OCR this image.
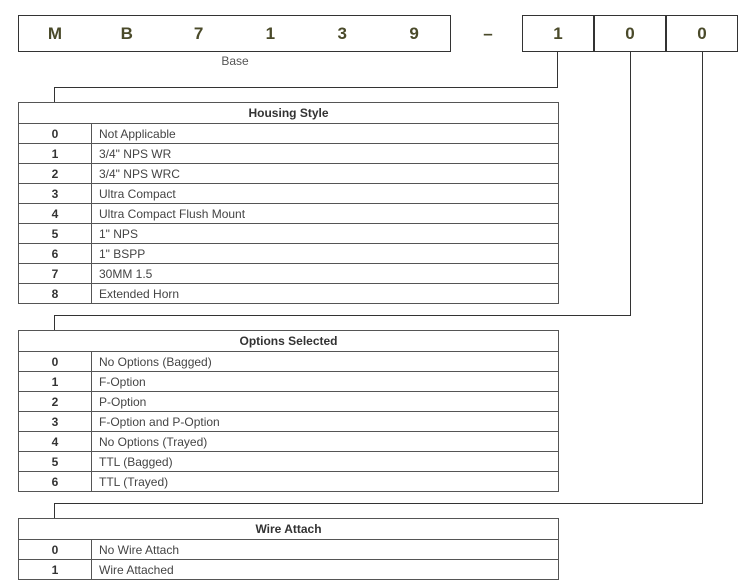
M	B	7	1	3	9	–	1	0	0
Base
Housing Style	
0	Not Applicable
1	3/4" NPS WR
2	3/4" NPS WRC
3	Ultra Compact
4	Ultra Compact Flush Mount
5	1" NPS
6	1" BSPP
7	30MM 1.5
8	Extended Horn
Options Selected	
0	No Options (Bagged)
1	F-Option
2	P-Option
3	F-Option and P-Option
4	No Options (Trayed)
5	TTL (Bagged)
6	TTL (Trayed)
Wire Attach	
0	No Wire Attach
1	Wire Attached
